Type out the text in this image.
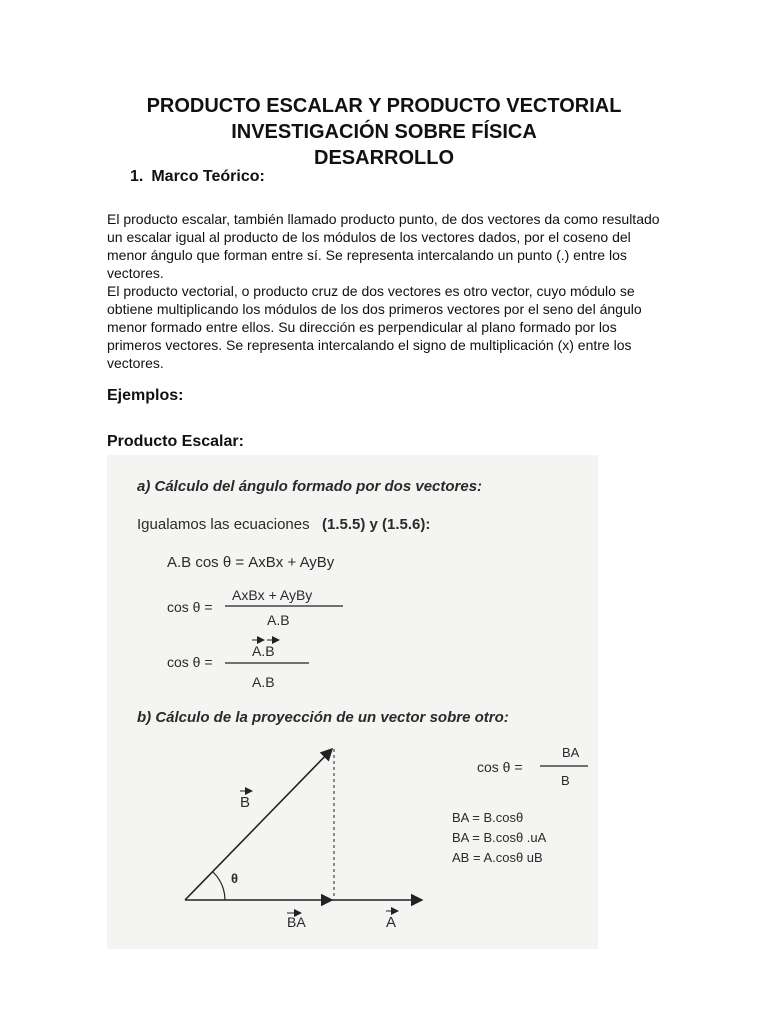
PRODUCTO ESCALAR Y PRODUCTO VECTORIAL
INVESTIGACIÓN SOBRE FÍSICA
DESARROLLO
1. Marco Teórico:

El producto escalar, también llamado producto punto, de dos vectores da como resultado un escalar igual al producto de los módulos de los vectores dados, por el coseno del menor ángulo que forman entre sí. Se representa intercalando un punto (.) entre los vectores.

El producto vectorial, o producto cruz de dos vectores es otro vector, cuyo módulo se obtiene multiplicando los módulos de los dos primeros vectores por el seno del ángulo menor formado entre ellos. Su dirección es perpendicular al plano formado por los primeros vectores. Se representa intercalando el signo de multiplicación (x) entre los vectores.

Ejemplos:
Producto Escalar:
a) Cálculo del ángulo formado por dos vectores:
Igualamos las ecuaciones (1.5.5) y (1.5.6):
A.B cos θ = AxBx + AyBy
cos θ =
AxBx + AyBy
A.B
cos θ =
A.B
A.B
b) Cálculo de la proyección de un vector sobre otro:
cos θ =
BA
B
BA = B.cosθ
BA = B.cosθ .uA
AB = A.cosθ uB
B
θ
BA	A
